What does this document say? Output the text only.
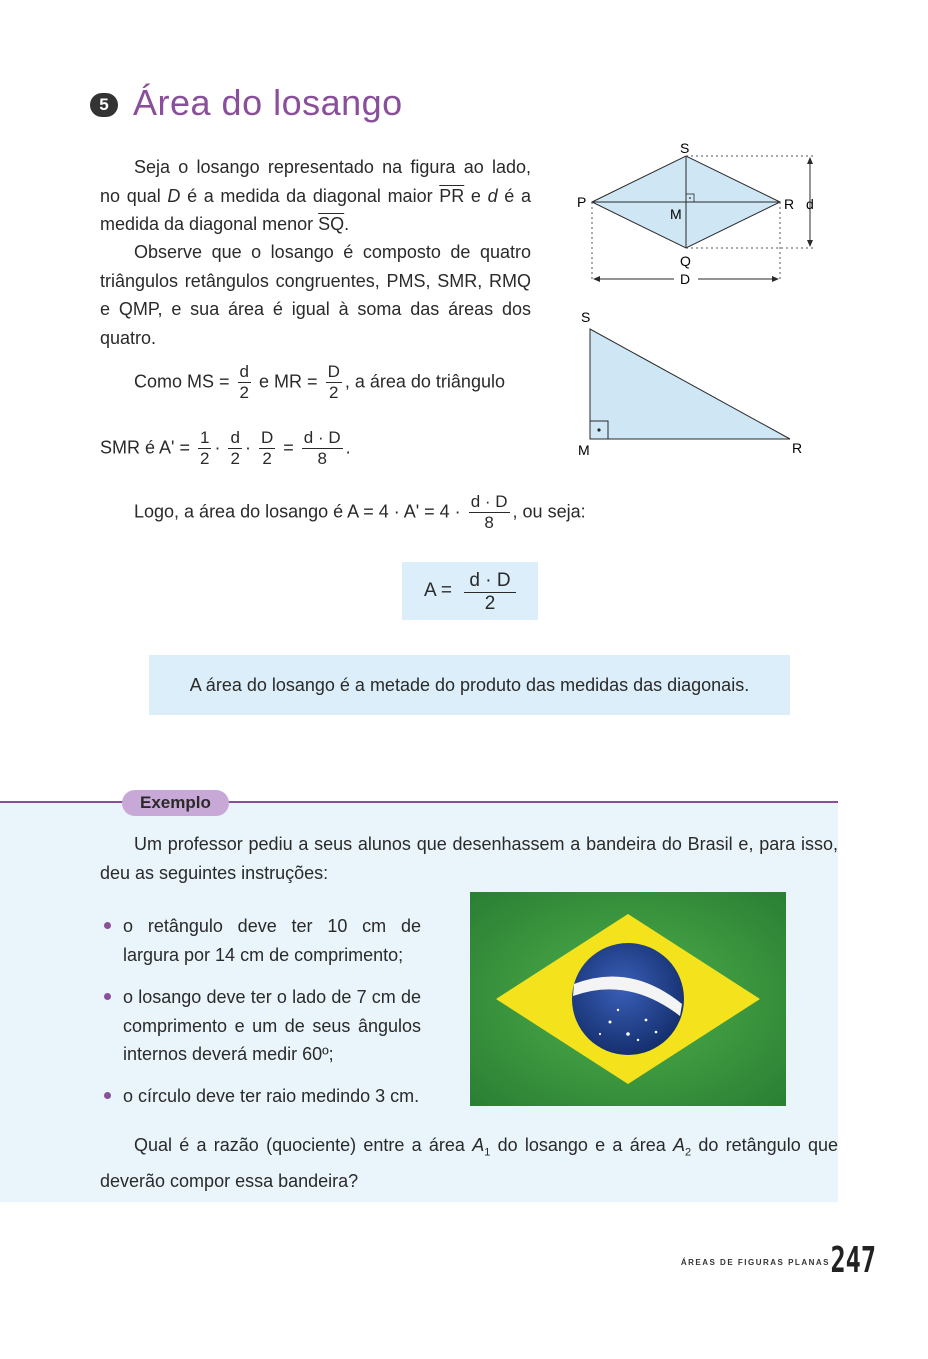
5 Área do losango
Seja o losango representado na figura ao lado, no qual D é a medida da diagonal maior $\overline{PR}$ e d é a medida da diagonal menor $\overline{SQ}$.
Observe que o losango é composto de quatro triângulos retângulos congruentes, PMS, SMR, RMQ e QMP, e sua área é igual à soma das áreas dos quatro.
Como MS = $\frac{d}{2}$ e MR = $\frac{D}{2}$ , a área do triângulo
SMR é $A' = \frac{1}{2} \cdot \frac{d}{2} \cdot \frac{D}{2} = \frac{d \cdot D}{8}$ .
Logo, a área do losango é $A = 4 \cdot A' = 4 \cdot \frac{d \cdot D}{8}$ , ou seja:
A = d · D
2
A área do losango é a metade do produto das medidas das diagonais.
S
P
M
R
Q
D
d
S
M	R
Exemplo
Um professor pediu a seus alunos que desenhassem a bandeira do Brasil e, para isso, deu as seguintes instruções:
o retângulo deve ter 10 cm de largura por 14 cm de comprimento;
o losango deve ter o lado de 7 cm de comprimento e um de seus ângulos internos deverá medir 60º;
o círculo deve ter raio medindo 3 cm.
Qual é a razão (quociente) entre a área $A_1$ do losango e a área $A_2$ do retângulo que deverão compor essa bandeira?
ÁREAS DE FIGURAS PLANAS 247
